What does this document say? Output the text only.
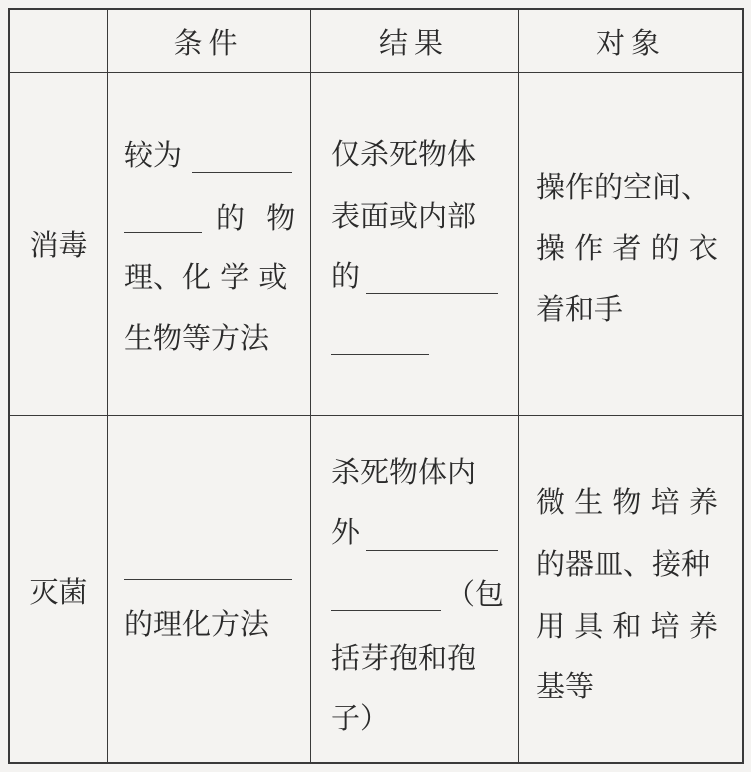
条件	结果	对象
消毒
较为
的 物
理、化 学 或
生物等方法
仅杀死物体
表面或内部
的
操作的空间、
操 作 者 的 衣
着和手
灭菌
的理化方法
杀死物体内
外
（包
括芽孢和孢
子）
微 生 物 培 养
的器皿、接种
用 具 和 培 养
基等
